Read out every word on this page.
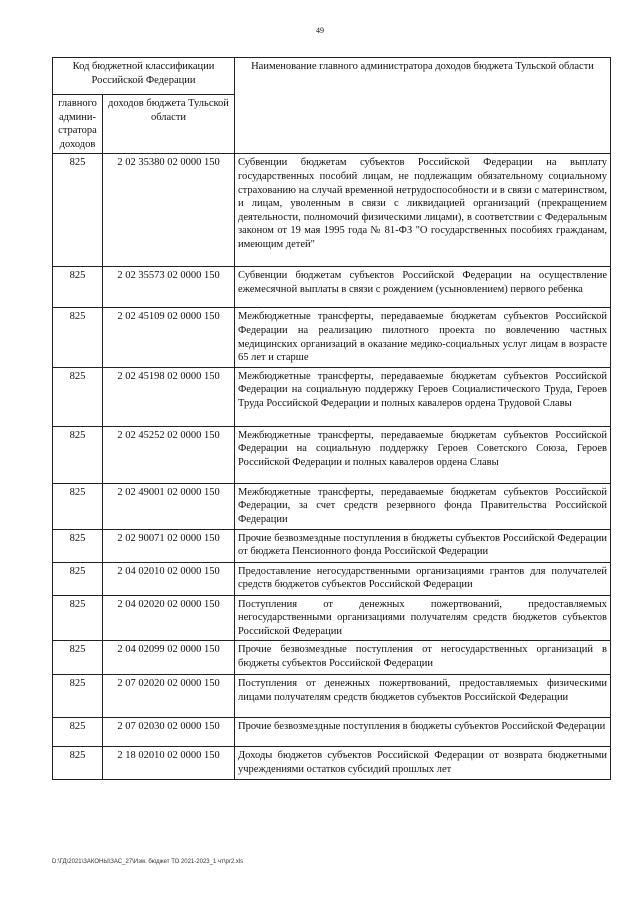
49
Код бюджетной классификации Российской Федерации		Наименование главного администратора доходов бюджета Тульской области
главного админи-стратора доходов	доходов бюджета Тульской области	
825	2 02 35380 02 0000 150	Субвенции бюджетам субъектов Российской Федерации на выплату государственных пособий лицам, не подлежащим обязательному социальному страхованию на случай временной нетрудоспособности и в связи с материнством, и лицам, уволенным в связи с ликвидацией организаций (прекращением деятельности, полномочий физическими лицами), в соответствии с Федеральным законом от 19 мая 1995 года № 81-ФЗ "О государственных пособиях гражданам, имеющим детей"
825	2 02 35573 02 0000 150	Субвенции бюджетам субъектов Российской Федерации на осуществление ежемесячной выплаты в связи с рождением (усыновлением) первого ребенка
825	2 02 45109 02 0000 150	Межбюджетные трансферты, передаваемые бюджетам субъектов Российской Федерации на реализацию пилотного проекта по вовлечению частных медицинских организаций в оказание медико-социальных услуг лицам в возрасте 65 лет и старше
825	2 02 45198 02 0000 150	Межбюджетные трансферты, передаваемые бюджетам субъектов Российской Федерации на социальную поддержку Героев Социалистического Труда, Героев Труда Российской Федерации и полных кавалеров ордена Трудовой Славы
825	2 02 45252 02 0000 150	Межбюджетные трансферты, передаваемые бюджетам субъектов Российской Федерации на социальную поддержку Героев Советского Союза, Героев Российской Федерации и полных кавалеров ордена Славы
825	2 02 49001 02 0000 150	Межбюджетные трансферты, передаваемые бюджетам субъектов Российской Федерации, за счет средств резервного фонда Правительства Российской Федерации
825	2 02 90071 02 0000 150	Прочие безвозмездные поступления в бюджеты субъектов Российской Федерации от бюджета Пенсионного фонда Российской Федерации
825	2 04 02010 02 0000 150	Предоставление негосударственными организациями грантов для получателей средств бюджетов субъектов Российской Федерации
825	2 04 02020 02 0000 150	Поступления от денежных пожертвований, предоставляемых негосударственными организациями получателям средств бюджетов субъектов Российской Федерации
825	2 04 02099 02 0000 150	Прочие безвозмездные поступления от негосударственных организаций в бюджеты субъектов Российской Федерации
825	2 07 02020 02 0000 150	Поступления от денежных пожертвований, предоставляемых физическими лицами получателям средств бюджетов субъектов Российской Федерации
825	2 07 02030 02 0000 150	Прочие безвозмездные поступления в бюджеты субъектов Российской Федерации
825	2 18 02010 02 0000 150	Доходы бюджетов субъектов Российской Федерации от возврата бюджетными учреждениями остатков субсидий прошлых лет
D:\ГД\2021\ЗАКОНЫ\ЗАС_27\Изм. бюджет ТО 2021-2023_1 чт\pr2.xls
